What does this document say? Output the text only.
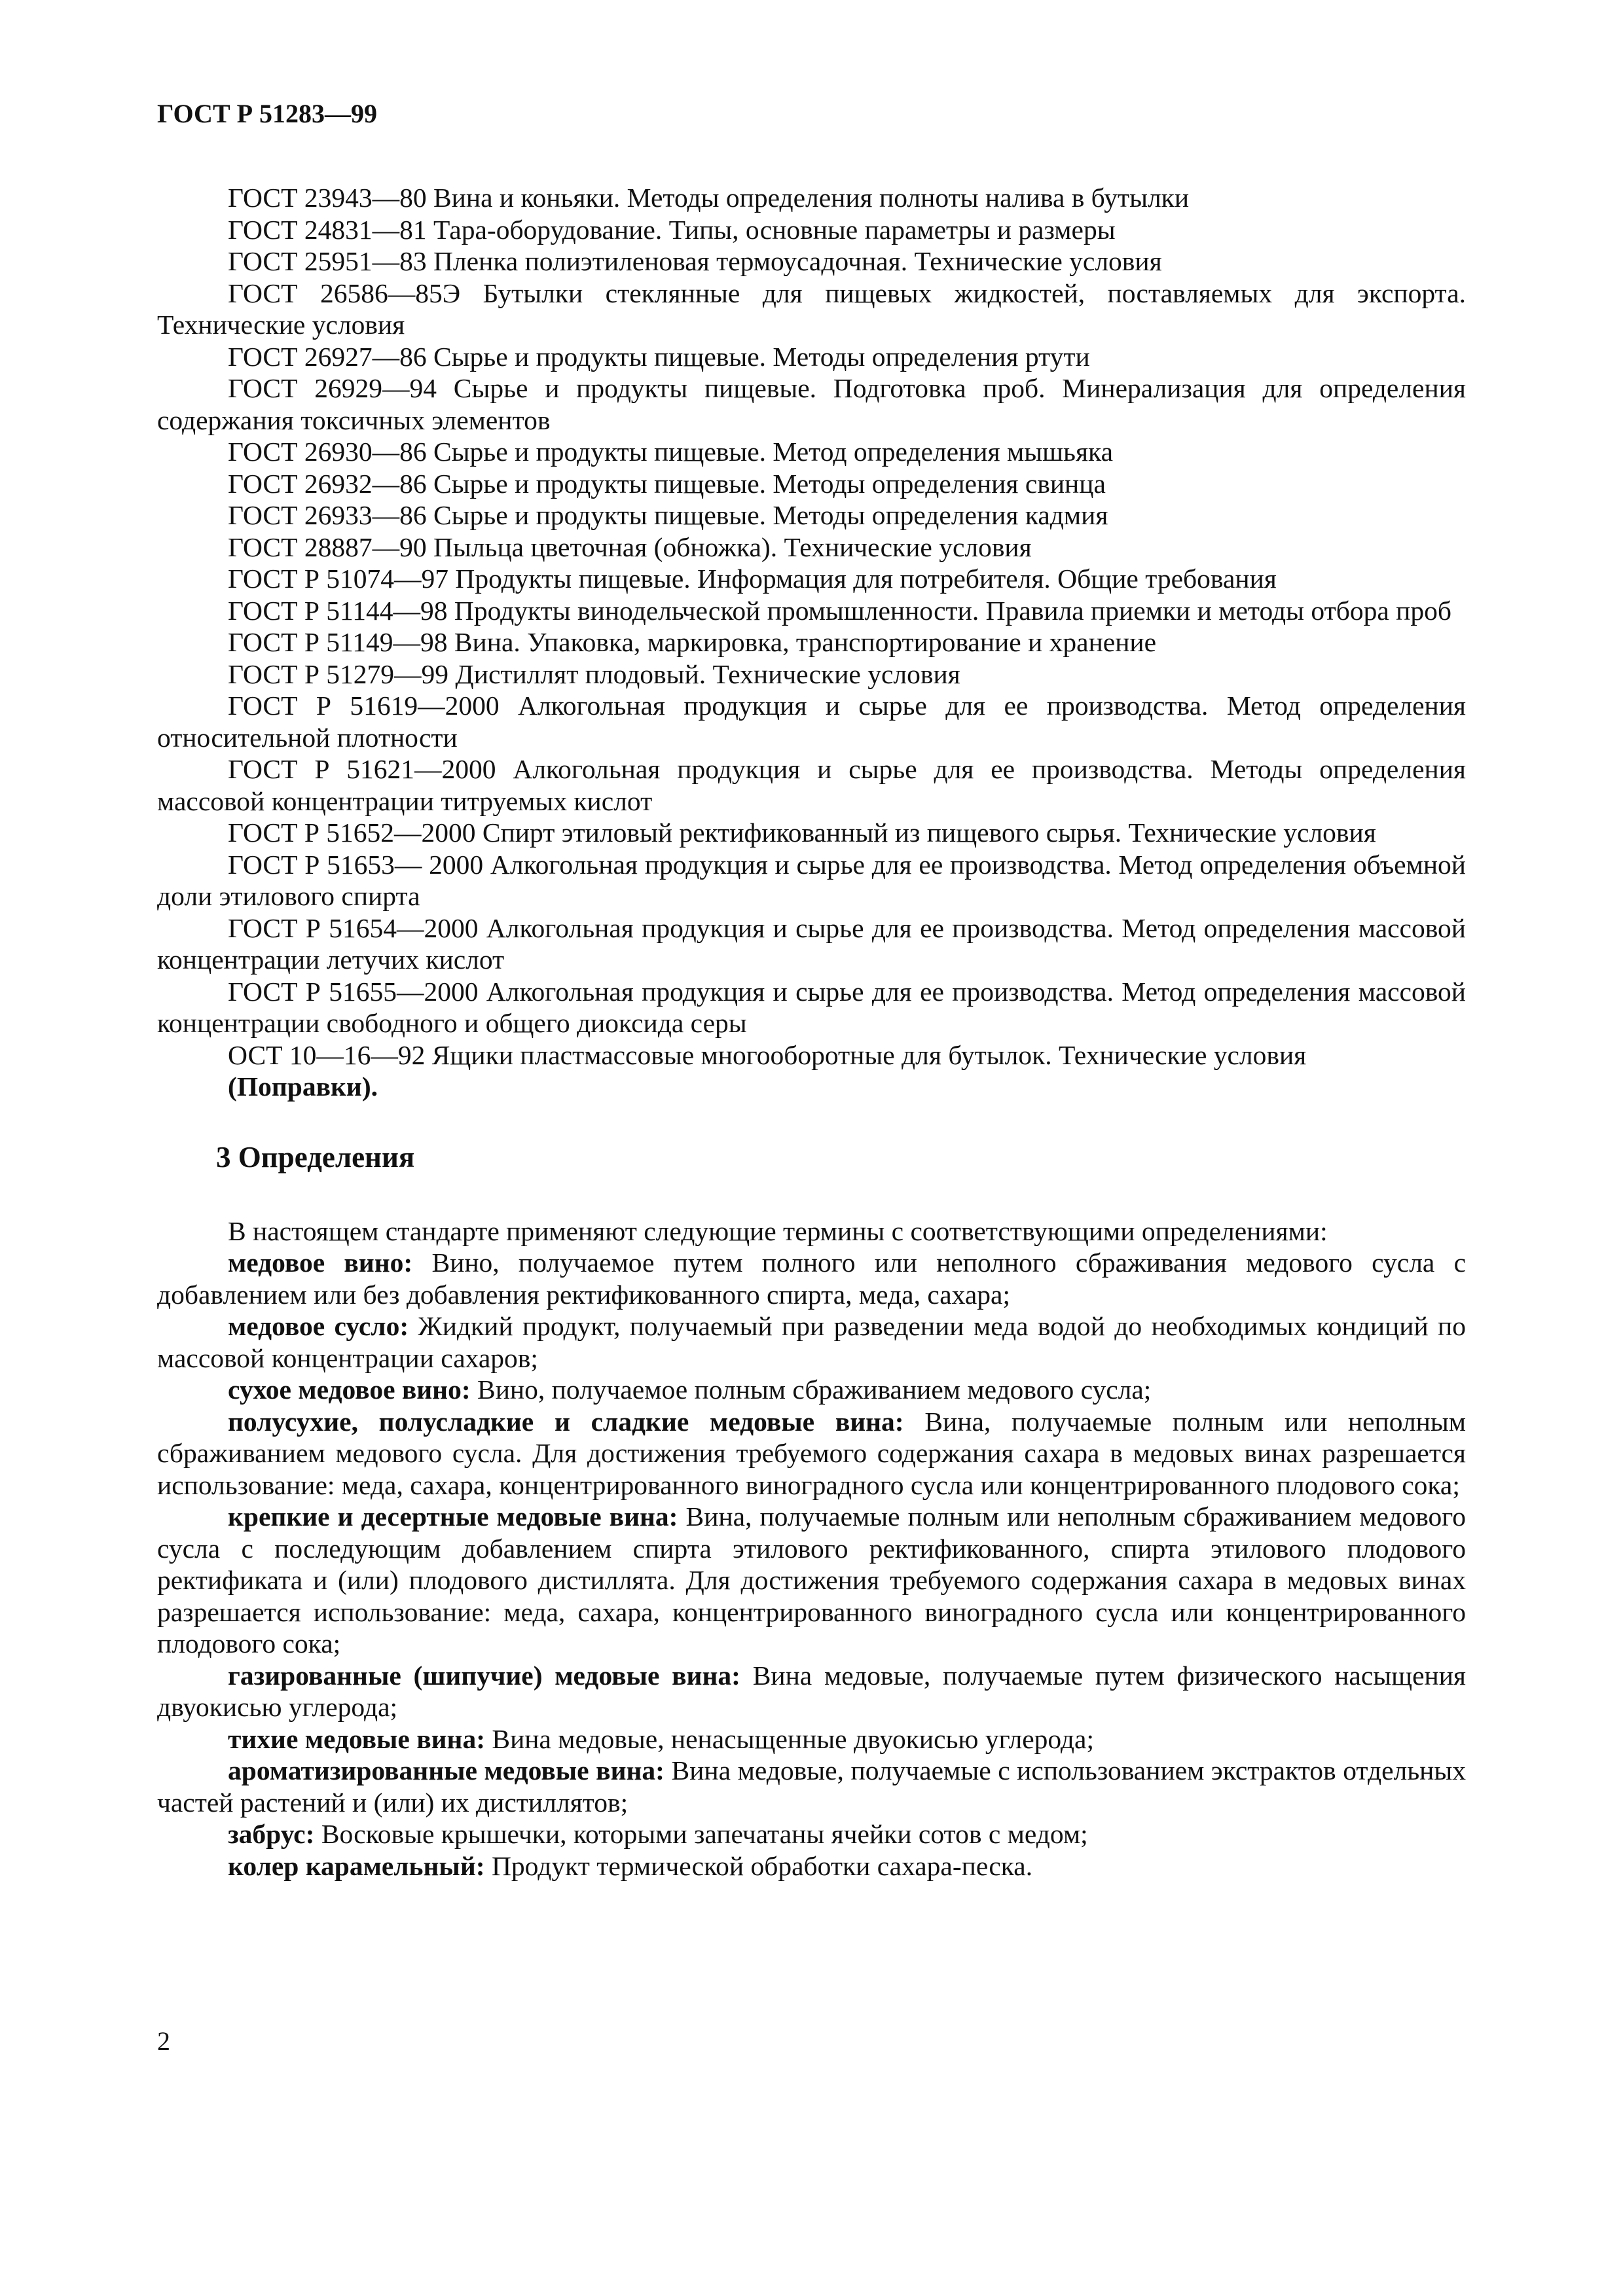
ГОСТ Р 51283—99
ГОСТ 23943—80 Вина и коньяки. Методы определения полноты налива в бутылки
ГОСТ 24831—81 Тара-оборудование. Типы, основные параметры и размеры
ГОСТ 25951—83 Пленка полиэтиленовая термоусадочная. Технические условия
ГОСТ 26586—85Э Бутылки стеклянные для пищевых жидкостей, поставляемых для экспорта. Технические условия
ГОСТ 26927—86 Сырье и продукты пищевые. Методы определения ртути
ГОСТ 26929—94 Сырье и продукты пищевые. Подготовка проб. Минерализация для определения содержания токсичных элементов
ГОСТ 26930—86 Сырье и продукты пищевые. Метод определения мышьяка
ГОСТ 26932—86 Сырье и продукты пищевые. Методы определения свинца
ГОСТ 26933—86 Сырье и продукты пищевые. Методы определения кадмия
ГОСТ 28887—90 Пыльца цветочная (обножка). Технические условия
ГОСТ Р 51074—97 Продукты пищевые. Информация для потребителя. Общие требования
ГОСТ Р 51144—98 Продукты винодельческой промышленности. Правила приемки и методы отбора проб
ГОСТ Р 51149—98 Вина. Упаковка, маркировка, транспортирование и хранение
ГОСТ Р 51279—99 Дистиллят плодовый. Технические условия
ГОСТ Р 51619—2000 Алкогольная продукция и сырье для ее производства. Метод определения относительной плотности
ГОСТ Р 51621—2000 Алкогольная продукция и сырье для ее производства. Методы определения массовой концентрации титруемых кислот
ГОСТ Р 51652—2000 Спирт этиловый ректификованный из пищевого сырья. Технические условия
ГОСТ Р 51653— 2000 Алкогольная продукция и сырье для ее производства. Метод определения объемной доли этилового спирта
ГОСТ Р 51654—2000 Алкогольная продукция и сырье для ее производства. Метод определения массовой концентрации летучих кислот
ГОСТ Р 51655—2000 Алкогольная продукция и сырье для ее производства. Метод определения массовой концентрации свободного и общего диоксида серы
ОСТ 10—16—92 Ящики пластмассовые многооборотные для бутылок. Технические условия
(Поправки).
3 Определения
В настоящем стандарте применяют следующие термины с соответствующими определениями:
медовое вино: Вино, получаемое путем полного или неполного сбраживания медового сусла с добавлением или без добавления ректификованного спирта, меда, сахара;
медовое сусло: Жидкий продукт, получаемый при разведении меда водой до необходимых кондиций по массовой концентрации сахаров;
сухое медовое вино: Вино, получаемое полным сбраживанием медового сусла;
полусухие, полусладкие и сладкие медовые вина: Вина, получаемые полным или неполным сбраживанием медового сусла. Для достижения требуемого содержания сахара в медовых винах разрешается использование: меда, сахара, концентрированного виноградного сусла или концентрированного плодового сока;
крепкие и десертные медовые вина: Вина, получаемые полным или неполным сбраживанием медового сусла с последующим добавлением спирта этилового ректификованного, спирта этилового плодового ректификата и (или) плодового дистиллята. Для достижения требуемого содержания сахара в медовых винах разрешается использование: меда, сахара, концентрированного виноградного сусла или концентрированного плодового сока;
газированные (шипучие) медовые вина: Вина медовые, получаемые путем физического насыщения двуокисью углерода;
тихие медовые вина: Вина медовые, ненасыщенные двуокисью углерода;
ароматизированные медовые вина: Вина медовые, получаемые с использованием экстрактов отдельных частей растений и (или) их дистиллятов;
забрус: Восковые крышечки, которыми запечатаны ячейки сотов с медом;
колер карамельный: Продукт термической обработки сахара-песка.
2
